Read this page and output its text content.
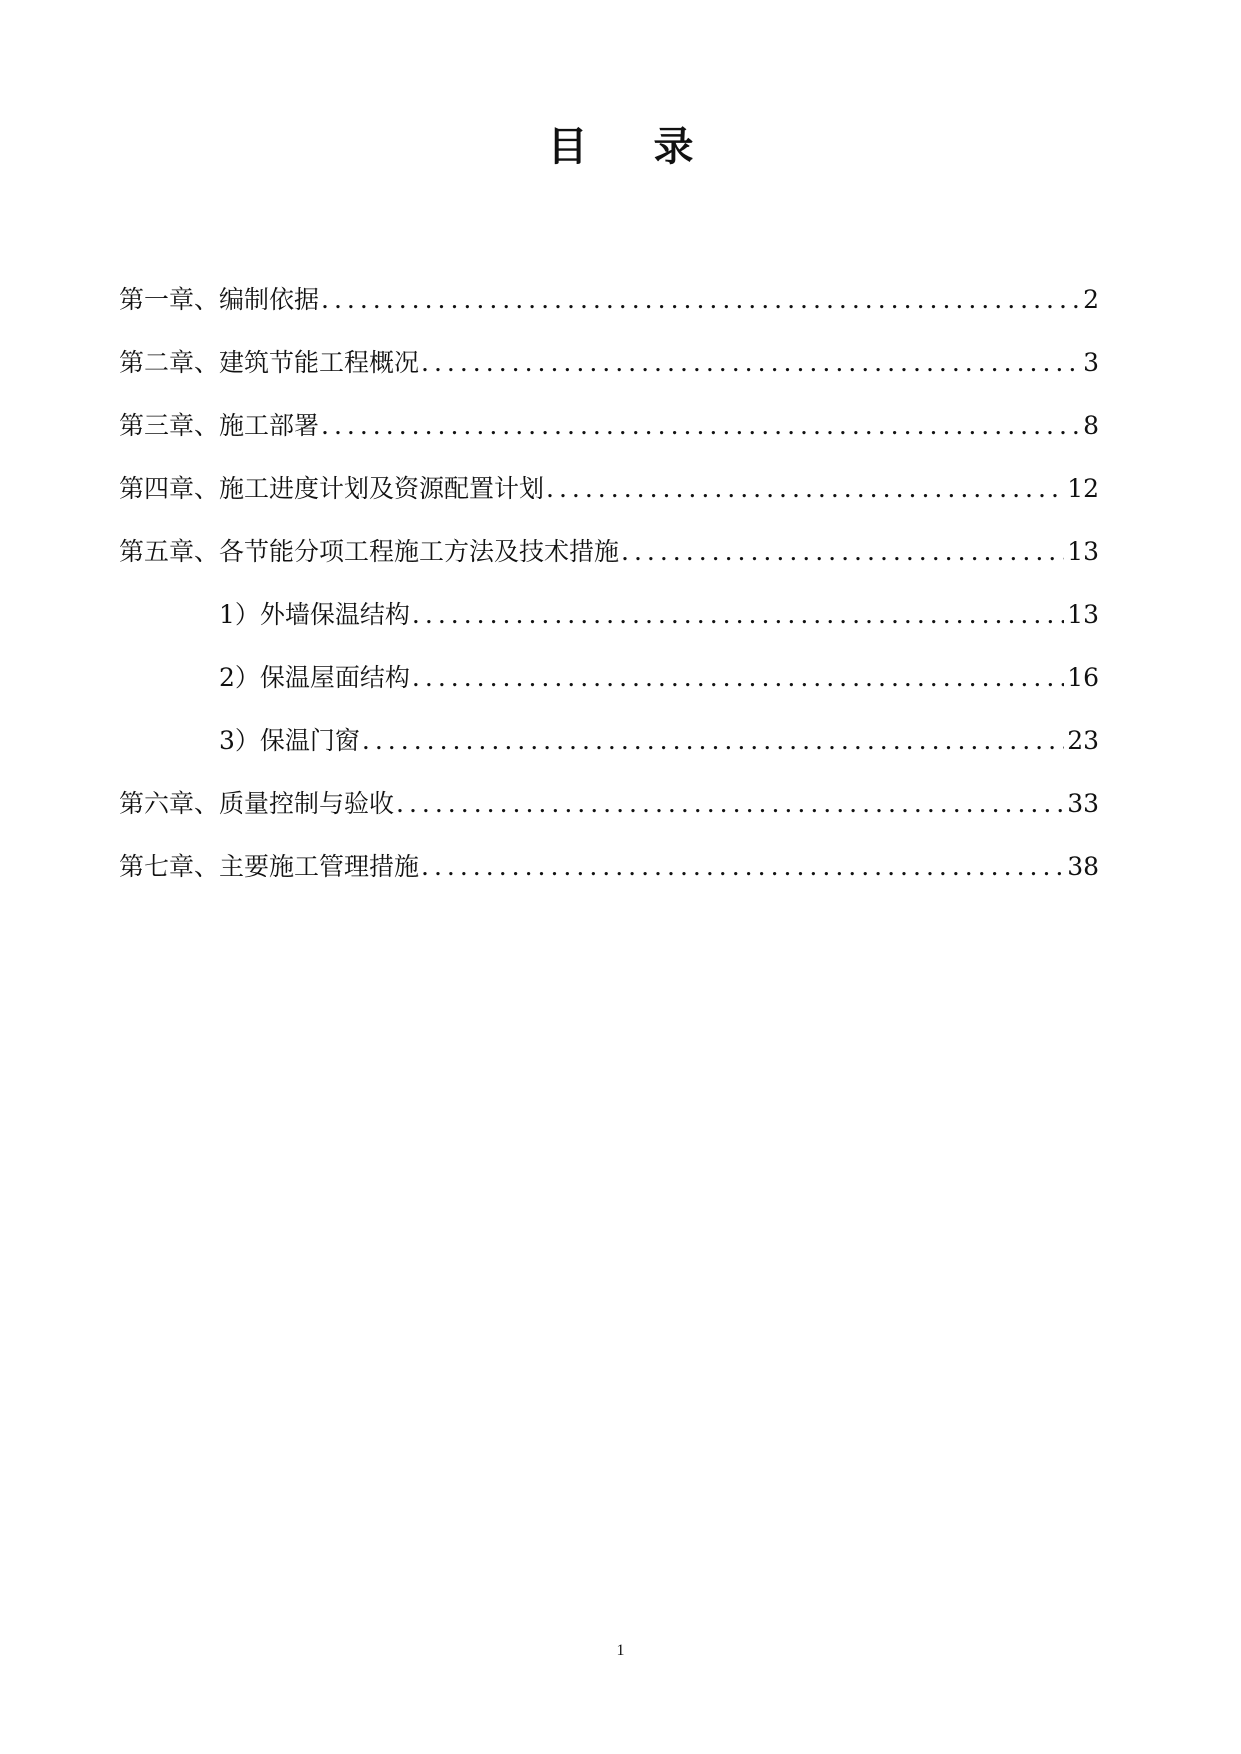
目录
第一章、编制依据 .....	2
第二章、建筑节能工程概况 .....	3
第三章、施工部署 .....	8
第四章、施工进度计划及资源配置计划 .....	12
第五章、各节能分项工程施工方法及技术措施 .....	13
1）外墙保温结构 .....	13
2）保温屋面结构 .....	16
3）保温门窗 .....	23
第六章、质量控制与验收 .....	33
第七章、主要施工管理措施 .....	38
1
